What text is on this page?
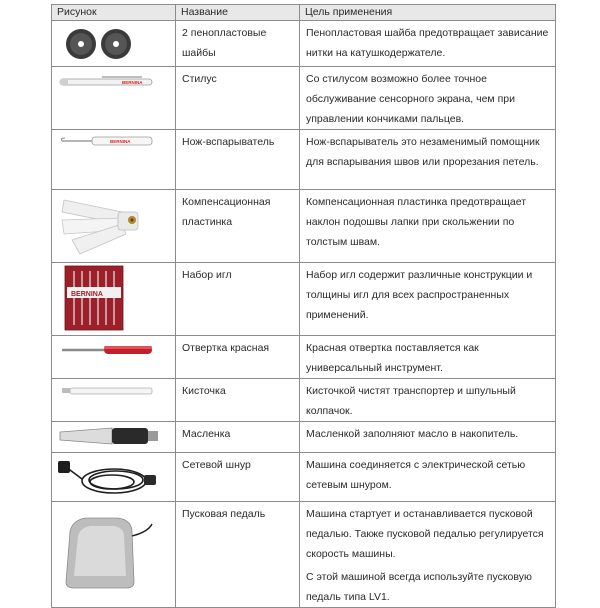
Рисунок	Название	Цель применения

	2 пенопластовые шайбы	Пенопластовая шайба предотвращает зависание нитки на катушкодержателе.

BERNINA	Стилус	Со стилусом возможно более точное обслуживание сенсорного экрана, чем при управлении кончиками пальцев.

BERNINA	Нож-вспарыватель	Нож-вспарыватель это незаменимый помощник для вспарывания швов или прорезания петель.

	Компенсационная пластинка	Компенсационная пластинка предотвращает наклон подошвы лапки при скольжении по толстым швам.

BERNINA	Набор игл	Набор игл содержит различные конструкции и толщины игл для всех распространенных применений.

	Отвертка красная	Красная отвертка поставляется как универсальный инструмент.

	Кисточка	Кисточкой чистят транспортер и шпульный колпачок.

	Масленка	Масленкой заполняют масло в накопитель.

	Сетевой шнур	Машина соединяется с электрической сетью сетевым шнуром.

	Пусковая педаль	Машина стартует и останавливается пусковой педалью. Также пусковой педалью регулируется скорость машины.
С этой машиной всегда используйте пусковую педаль типа LV1.
